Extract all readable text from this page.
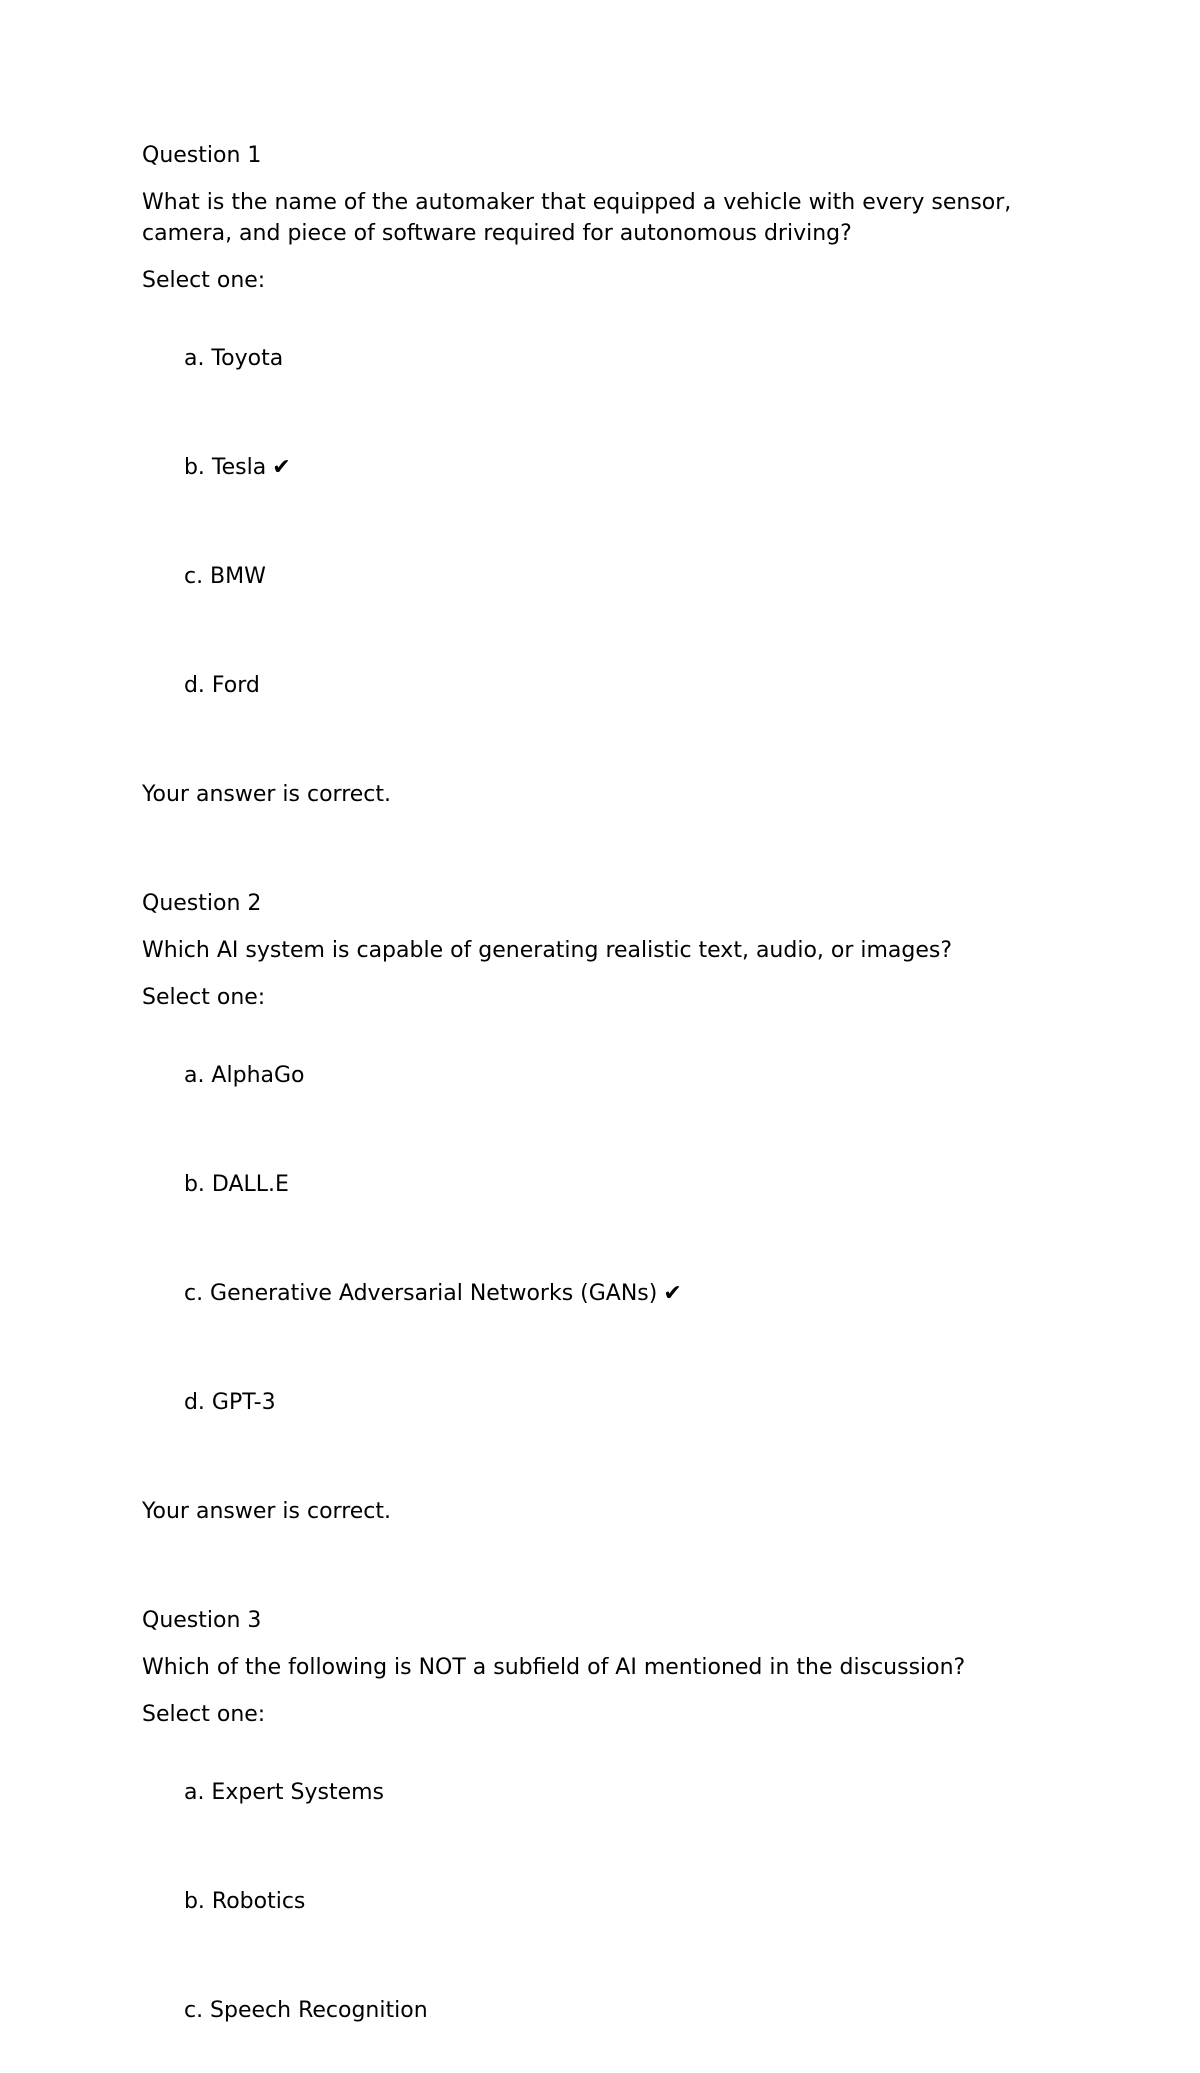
Question 1
What is the name of the automaker that equipped a vehicle with every sensor, camera, and piece of software required for autonomous driving?
Select one:

a. Toyota

b. Tesla ✔

c. BMW

d. Ford

Your answer is correct.
Question 2
Which AI system is capable of generating realistic text, audio, or images?
Select one:

a. AlphaGo

b. DALL.E

c. Generative Adversarial Networks (GANs) ✔

d. GPT-3

Your answer is correct.
Question 3
Which of the following is NOT a subfield of AI mentioned in the discussion?
Select one:

a. Expert Systems

b. Robotics

c. Speech Recognition
